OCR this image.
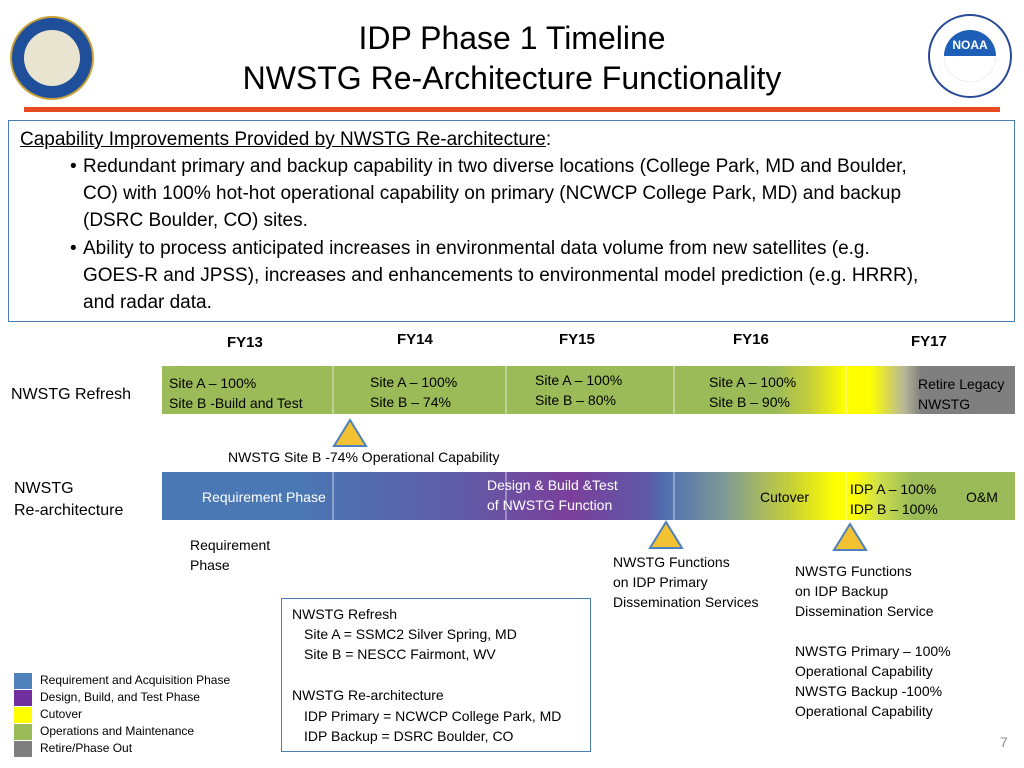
NOAA
IDP Phase 1 Timeline
NWSTG Re-Architecture Functionality
Capability Improvements Provided by NWSTG Re-architecture:
• Redundant primary and backup capability in two diverse locations (College Park, MD and Boulder,
CO) with 100% hot-hot operational capability on primary (NCWCP College Park, MD) and backup
(DSRC Boulder, CO) sites.
• Ability to process anticipated increases in environmental data volume from new satellites (e.g.
GOES-R and JPSS), increases and enhancements to environmental model prediction (e.g. HRRR),
and radar data.
FY13	FY14	FY15	FY16	FY17
NWSTG Refresh
Site A – 100%
Site B -Build and Test
Site A – 100%
Site B – 74%
Site A – 100%
Site B – 80%
Site A – 100%
Site B – 90%
Retire Legacy
NWSTG
NWSTG Site B -74% Operational Capability
NWSTG
Re-architecture
Requirement Phase
Design & Build &Test
of NWSTG Function	Cutover	IDP A – 100%
IDP B – 100%
O&M
Requirement
Phase	NWSTG Functions
on IDP Primary
Dissemination Services
NWSTG Functions
on IDP Backup
Dissemination Service
NWSTG Primary – 100%
Operational Capability
NWSTG Backup -100%
Operational Capability
NWSTG Refresh
Site A = SSMC2 Silver Spring, MD
Site B = NESCC Fairmont, WV
NWSTG Re-architecture
IDP Primary = NCWCP College Park, MD
IDP Backup = DSRC Boulder, CO
Requirement and Acquisition Phase
Design, Build, and Test Phase
Cutover
Operations and Maintenance
Retire/Phase Out	7
